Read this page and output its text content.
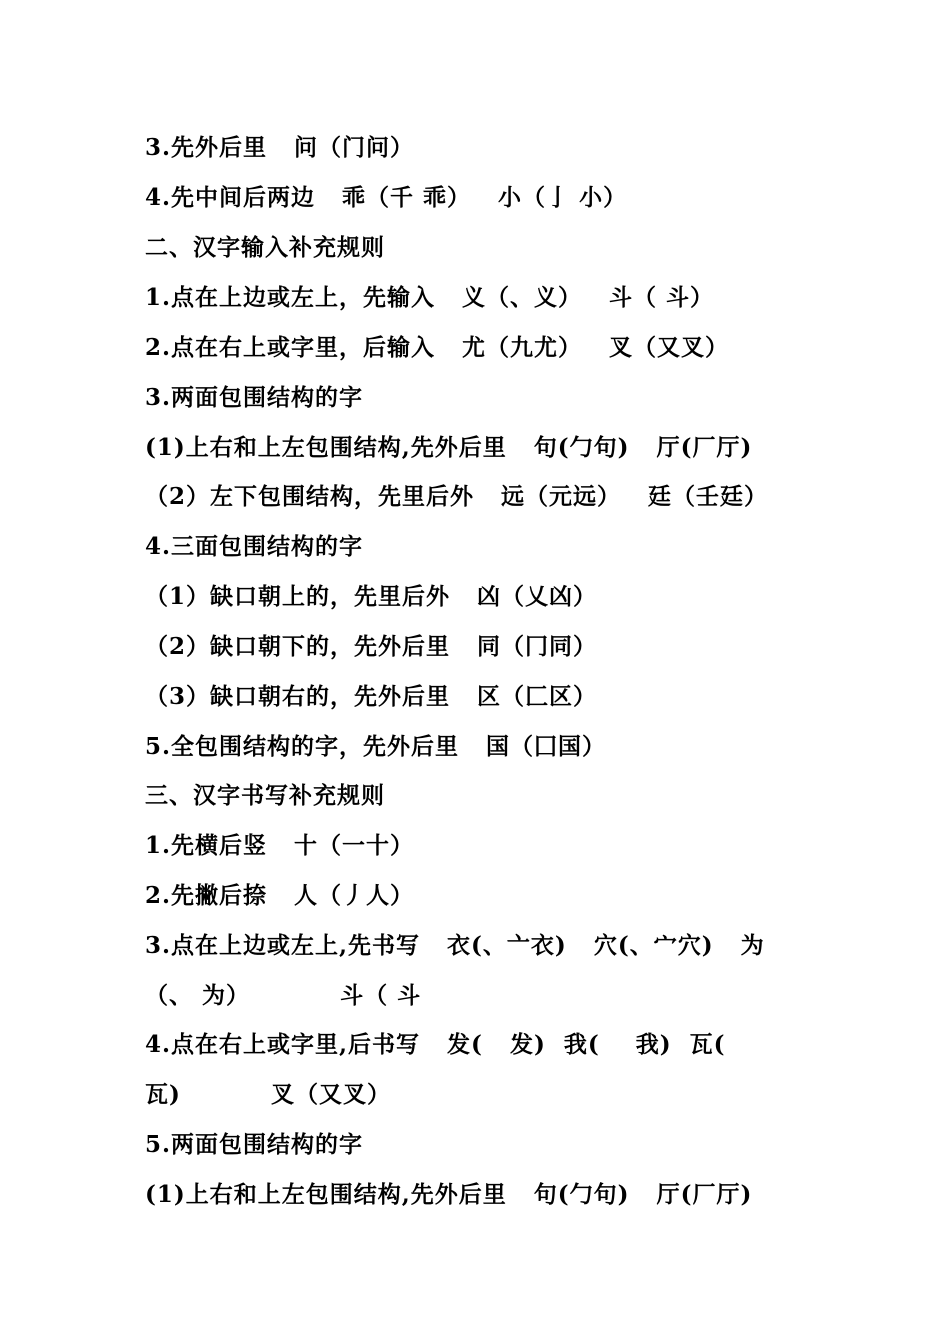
3.先外后里   问（门问）
4.先中间后两边   乖（千 乖）   小（亅 小）
二、汉字输入补充规则
1.点在上边或左上，先输入   义（、义）   斗（ 斗）
2.点在右上或字里，后输入   尤（九尤）   叉（又叉）
3.两面包围结构的字
(1)上右和上左包围结构,先外后里   句(勹句)   厅(厂厅)
（2）左下包围结构，先里后外   远（元远）   廷（壬廷）
4.三面包围结构的字
（1）缺口朝上的，先里后外   凶（乂凶）
（2）缺口朝下的，先外后里   同（冂同）
（3）缺口朝右的，先外后里   区（匚区）
5.全包围结构的字，先外后里   国（囗国）
三、汉字书写补充规则
1.先横后竖   十（一十）
2.先撇后捺   人（丿人）
3.点在上边或左上,先书写   衣(、亠衣)   穴(、宀穴)   为
（、 为）          斗（ 斗
4.点在右上或字里,后书写   发(   发)  我(    我)  瓦(
瓦)          叉（又叉）
5.两面包围结构的字
(1)上右和上左包围结构,先外后里   句(勹句)   厅(厂厅)
